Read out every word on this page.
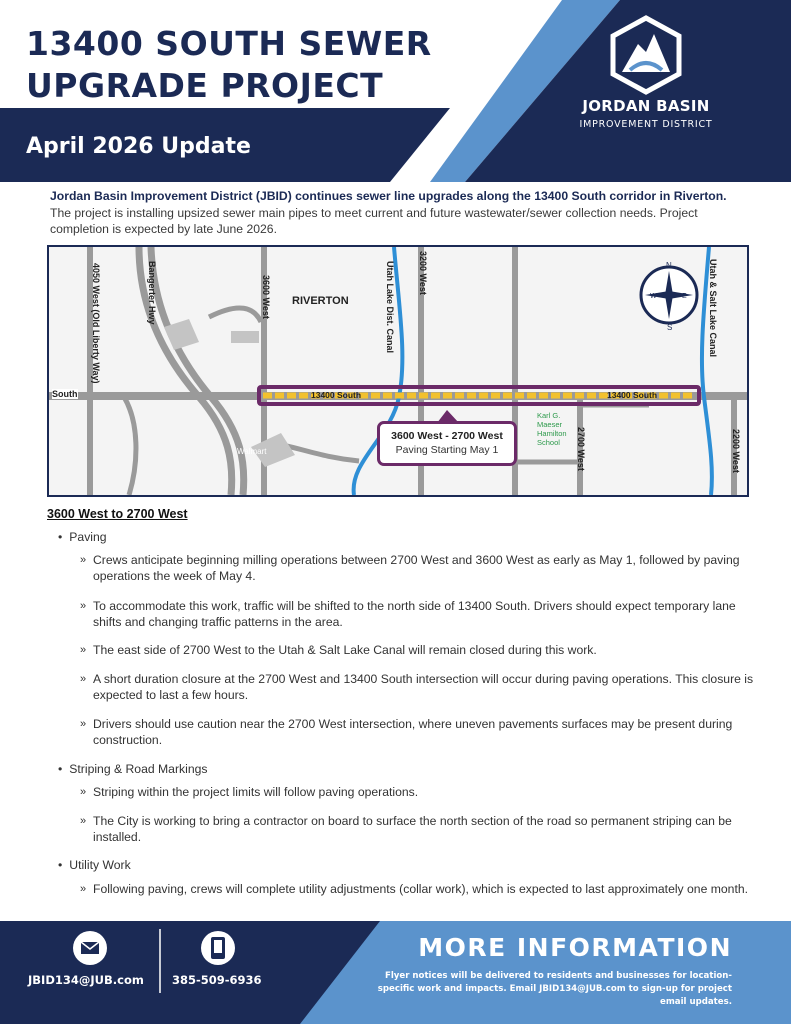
13400 SOUTH SEWER
UPGRADE PROJECT
April 2026 Update
JORDAN BASIN
IMPROVEMENT DISTRICT
Jordan Basin Improvement District (JBID) continues sewer line upgrades along the 13400 South corridor in Riverton. The project is installing upsized sewer main pipes to meet current and future wastewater/sewer collection needs. Project completion is expected by late June 2026.
N
S
W	E
RIVERTON
4050 West (Old Liberty Way)	Bangerter Hwy	3600 West	Utah Lake Dist. Canal	3200 West	Utah & Salt Lake Canal
2700 West	2200 West
South	13400 South	13400 South
Walmart
Karl G. Maeser Hamilton School
3600 West - 2700 West
Paving Starting May 1
3600 West to 2700 West
• Paving
» Crews anticipate beginning milling operations between 2700 West and 3600 West as early as May 1, followed by paving operations the week of May 4.
» To accommodate this work, traffic will be shifted to the north side of 13400 South. Drivers should expect temporary lane shifts and changing traffic patterns in the area.
» The east side of 2700 West to the Utah & Salt Lake Canal will remain closed during this work.
» A short duration closure at the 2700 West and 13400 South intersection will occur during paving operations. This closure is expected to last a few hours.
» Drivers should use caution near the 2700 West intersection, where uneven pavements surfaces may be present during construction.
• Striping & Road Markings
» Striping within the project limits will follow paving operations.
» The City is working to bring a contractor on board to surface the north section of the road so permanent striping can be installed.
• Utility Work
» Following paving, crews will complete utility adjustments (collar work), which is expected to last approximately one month.
JBID134@JUB.com 385-509-6936
MORE INFORMATION
Flyer notices will be delivered to residents and businesses for location-specific work and impacts. Email JBID134@JUB.com to sign-up for project email updates.
